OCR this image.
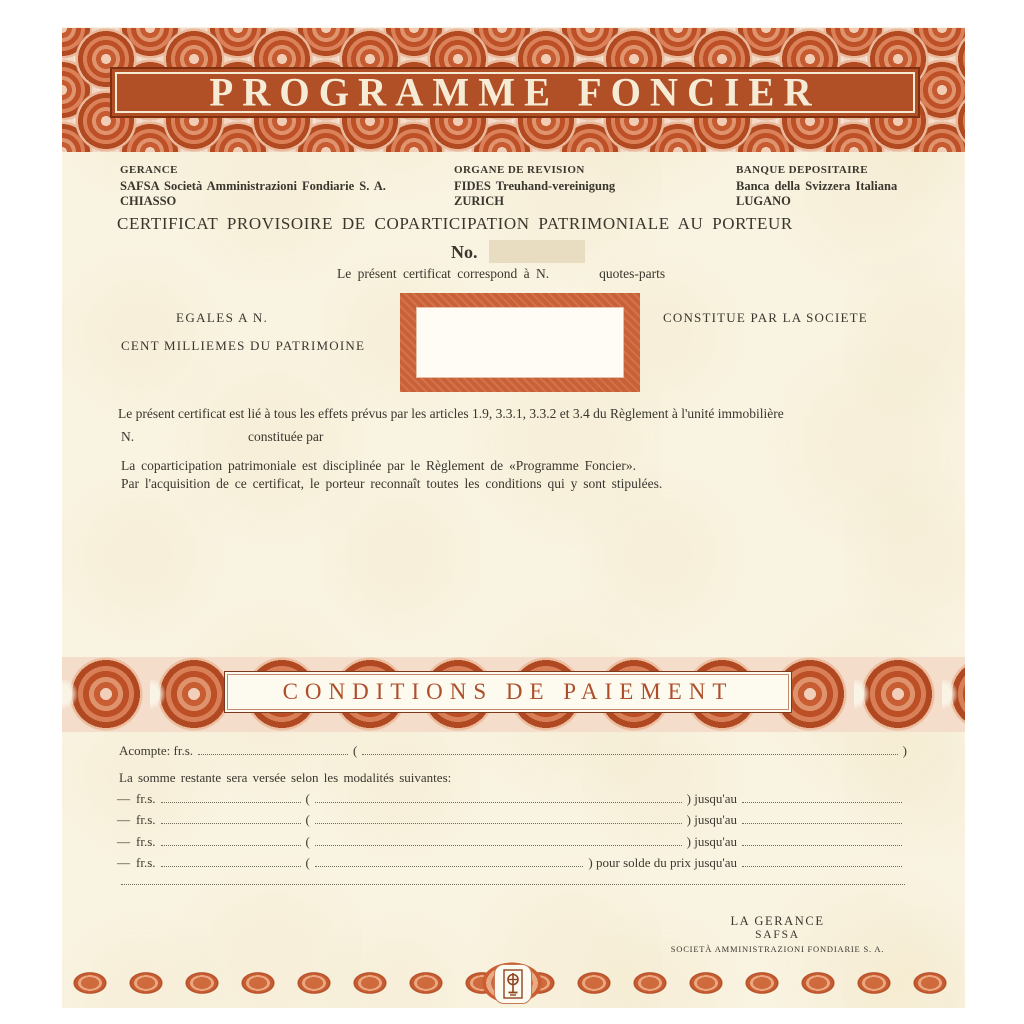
PROGRAMME FONCIER
GERANCE
SAFSA Società Amministrazioni Fondiarie S. A.
CHIASSO
ORGANE DE REVISION
FIDES Treuhand-vereinigung
ZURICH
BANQUE DEPOSITAIRE
Banca della Svizzera Italiana
LUGANO
CERTIFICAT PROVISOIRE DE COPARTICIPATION PATRIMONIALE AU PORTEUR
No.
Le présent certificat correspond à N.	quotes-parts
EGALES A N.
CENT MILLIEMES DU PATRIMOINE
CONSTITUE PAR LA SOCIETE
Le présent certificat est lié à tous les effets prévus par les articles 1.9, 3.3.1, 3.3.2 et 3.4 du Règlement à l'unité immobilière
N.	constituée par
La coparticipation patrimoniale est disciplinée par le Règlement de «Programme Foncier».
Par l'acquisition de ce certificat, le porteur reconnaît toutes les conditions qui y sont stipulées.
CONDITIONS DE PAIEMENT
Acompte: fr.s.	(	)
La somme restante sera versée selon les modalités suivantes:
— fr.s.	(	) jusqu'au
— fr.s.	(	) jusqu'au
— fr.s.	(	) jusqu'au
— fr.s.	(	) pour solde du prix jusqu'au
LA GERANCE
SAFSA
SOCIETÀ AMMINISTRAZIONI FONDIARIE S. A.
